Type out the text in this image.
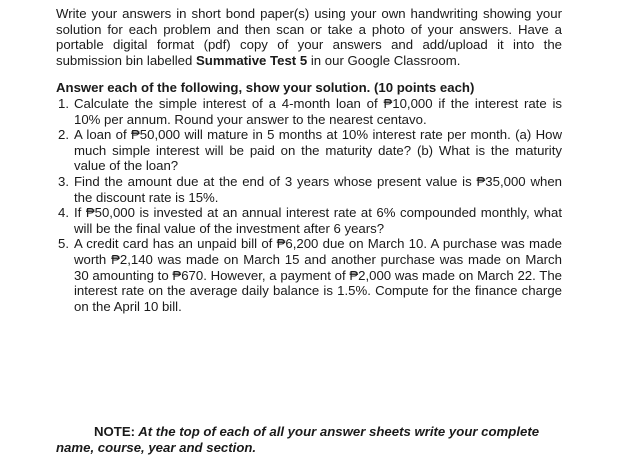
Write your answers in short bond paper(s) using your own handwriting showing your solution for each problem and then scan or take a photo of your answers. Have a portable digital format (pdf) copy of your answers and add/upload it into the submission bin labelled Summative Test 5 in our Google Classroom.

Answer each of the following, show your solution. (10 points each)

1. Calculate the simple interest of a 4-month loan of ₱10,000 if the interest rate is 10% per annum. Round your answer to the nearest centavo.
2. A loan of ₱50,000 will mature in 5 months at 10% interest rate per month. (a) How much simple interest will be paid on the maturity date? (b) What is the maturity value of the loan?
3. Find the amount due at the end of 3 years whose present value is ₱35,000 when the discount rate is 15%.
4. If ₱50,000 is invested at an annual interest rate at 6% compounded monthly, what will be the final value of the investment after 6 years?
5. A credit card has an unpaid bill of ₱6,200 due on March 10. A purchase was made worth ₱2,140 was made on March 15 and another purchase was made on March 30 amounting to ₱670. However, a payment of ₱2,000 was made on March 22. The interest rate on the average daily balance is 1.5%. Compute for the finance charge on the April 10 bill.
NOTE: At the top of each of all your answer sheets write your complete name, course, year and section.
